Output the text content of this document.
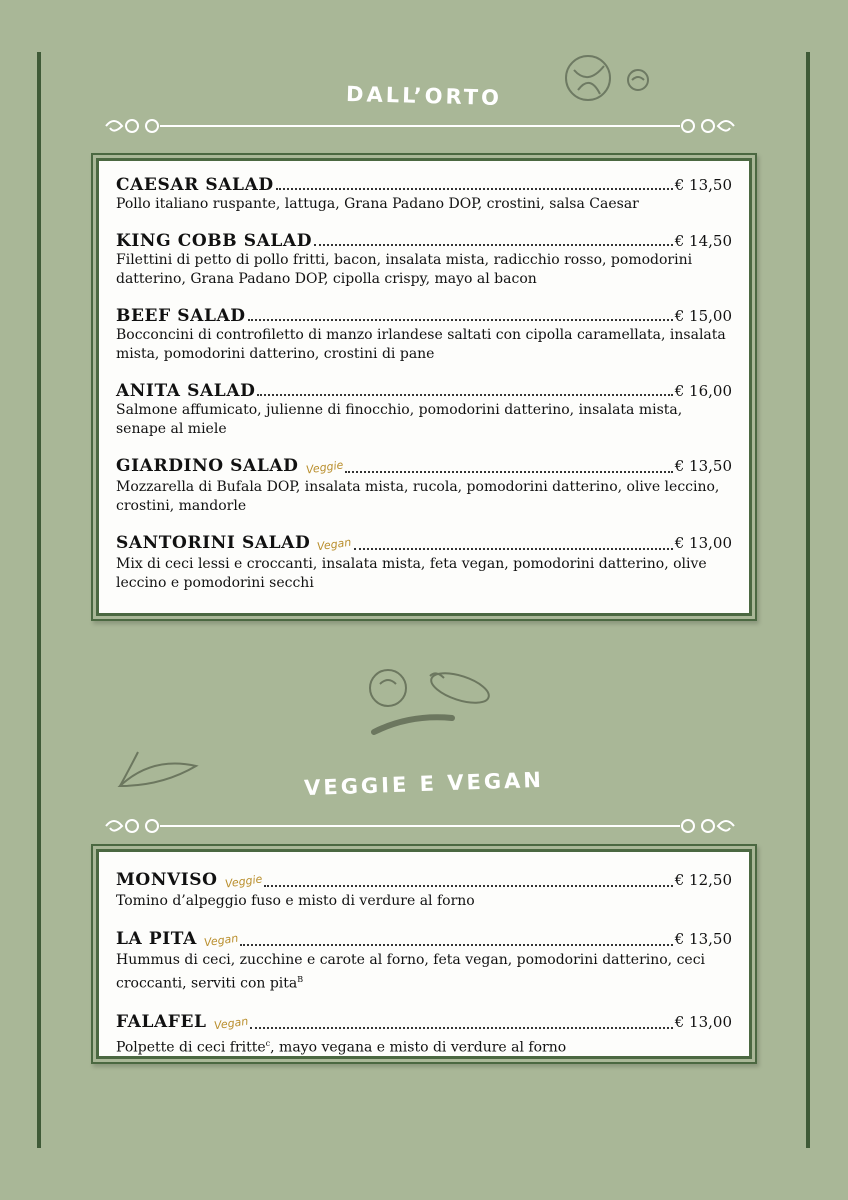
DALL’ORTO
CAESAR SALAD	€ 13,50

Pollo italiano ruspante, lattuga, Grana Padano DOP, crostini, salsa Caesar

KING COBB SALAD	€ 14,50

Filettini di petto di pollo fritti, bacon, insalata mista, radicchio rosso, pomodorini datterino, Grana Padano DOP, cipolla crispy, mayo al bacon

BEEF SALAD	€ 15,00

Bocconcini di controfiletto di manzo irlandese saltati con cipolla caramellata, insalata mista, pomodorini datterino, crostini di pane

ANITA SALAD	€ 16,00

Salmone affumicato, julienne di finocchio, pomodorini datterino, insalata mista, senape al miele

GIARDINO SALAD Veggie	€ 13,50

Mozzarella di Bufala DOP, insalata mista, rucola, pomodorini datterino, olive leccino, crostini, mandorle

SANTORINI SALAD Vegan	€ 13,00

Mix di ceci lessi e croccanti, insalata mista, feta vegan, pomodorini datterino, olive leccino e pomodorini secchi

VEGGIE E VEGAN
MONVISO Veggie	€ 12,50

Tomino d’alpeggio fuso e misto di verdure al forno

LA PITA Vegan	€ 13,50

Hummus di ceci, zucchine e carote al forno, feta vegan, pomodorini datterino, ceci croccanti, serviti con pita$^B$

FALAFEL Vegan	€ 13,00

Polpette di ceci fritte$^c$, mayo vegana e misto di verdure al forno
